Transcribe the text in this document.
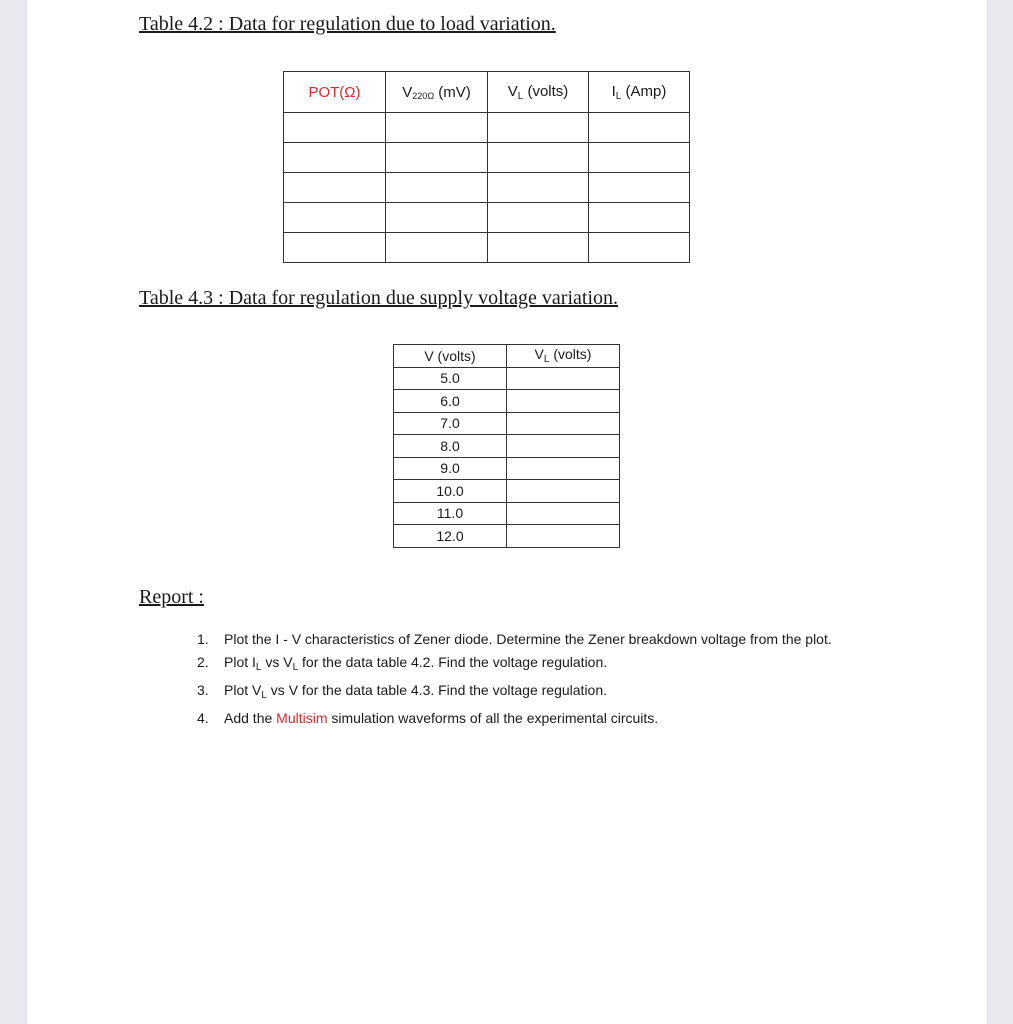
Table 4.2 : Data for regulation due to load variation.
POT(Ω)	$V_{220\Omega}$ (mV)	$V_L$ (volts)	$I_L$ (Amp)

Table 4.3 : Data for regulation due supply voltage variation.
V (volts)	$V_L$ (volts)
5.0	
6.0	
7.0	
8.0	
9.0	
10.0	
11.0	
12.0	
Report :
1. Plot the I - V characteristics of Zener diode. Determine the Zener breakdown voltage from the plot.
2. Plot $I_L$ vs $V_L$ for the data table 4.2. Find the voltage regulation.
3. Plot $V_L$ vs V for the data table 4.3. Find the voltage regulation.
4. Add the Multisim simulation waveforms of all the experimental circuits.
